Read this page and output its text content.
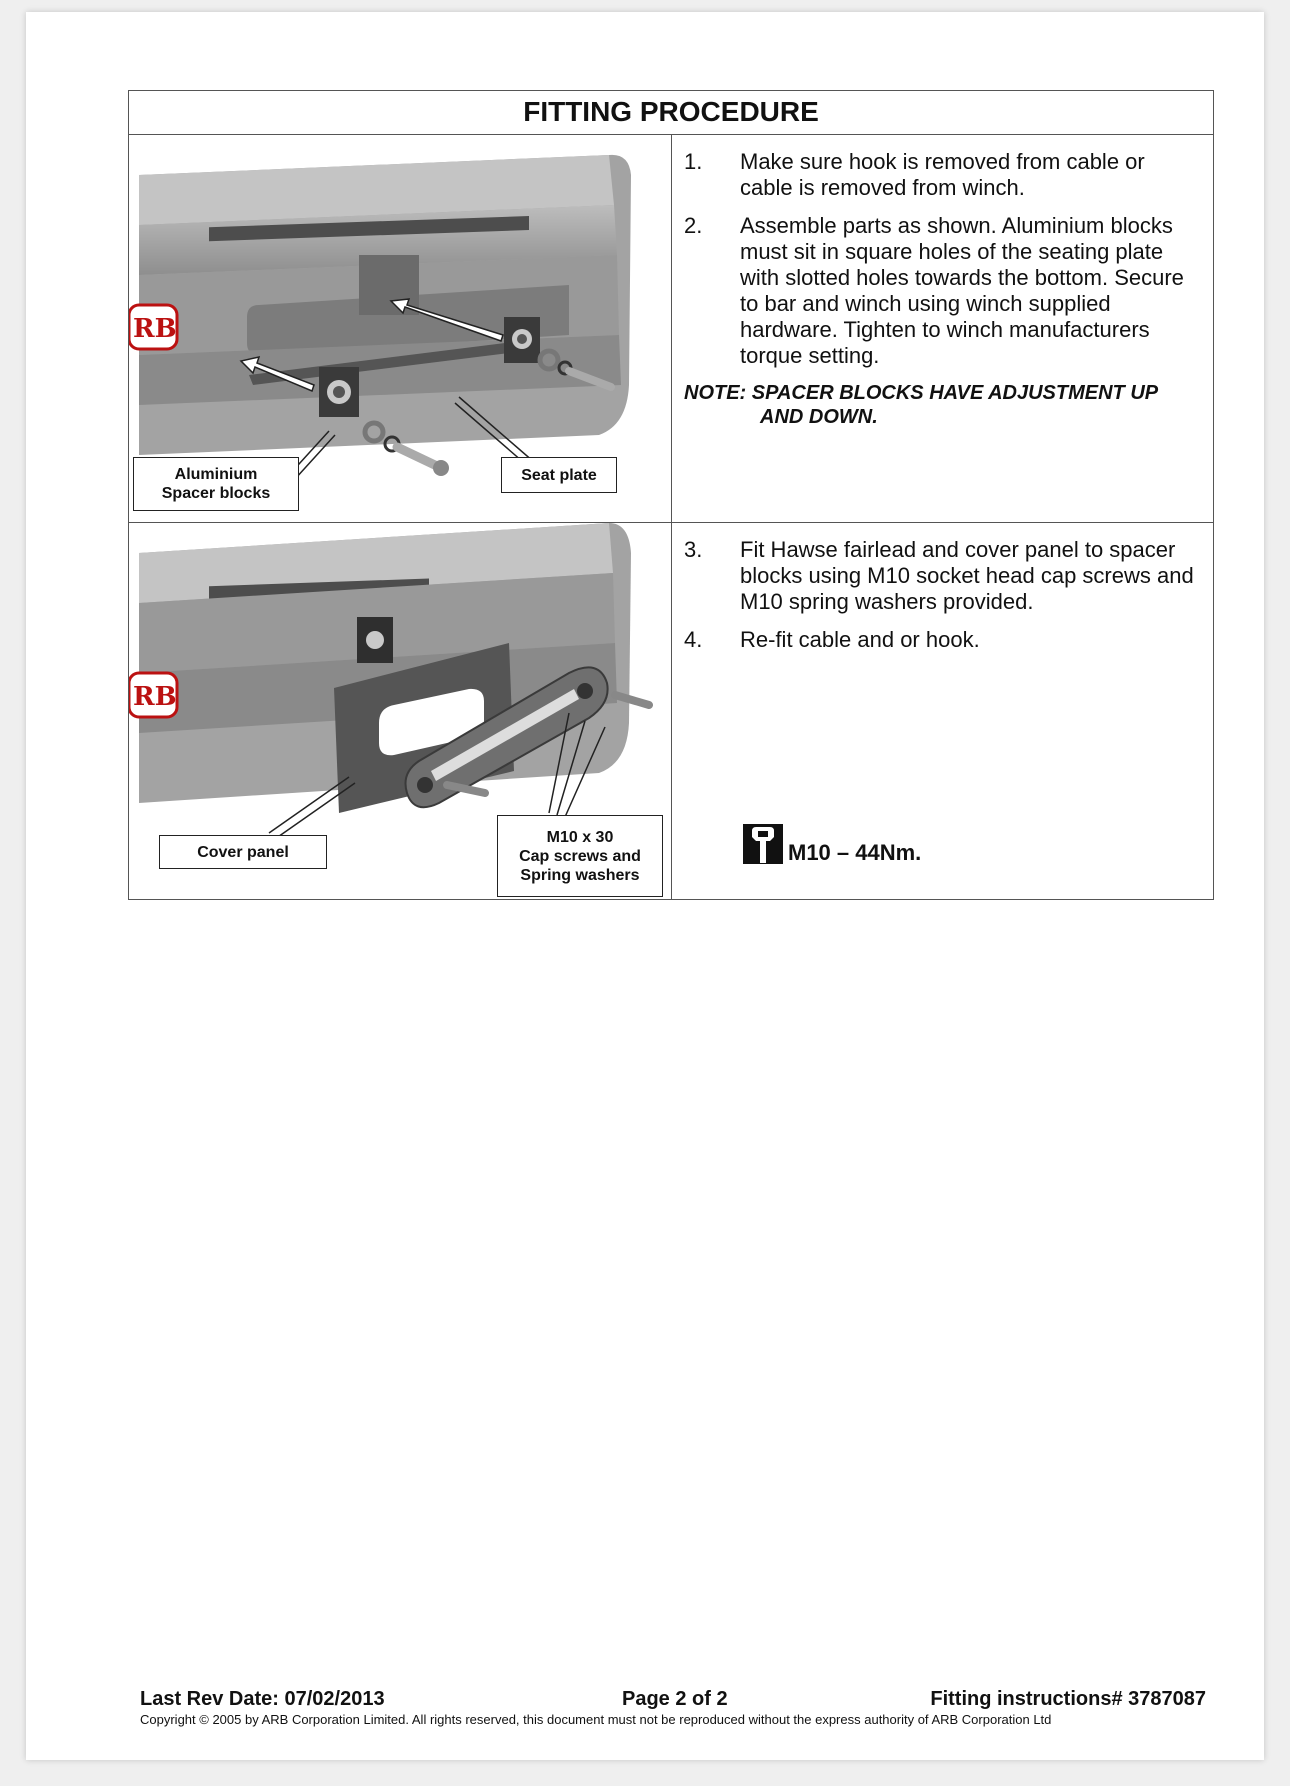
FITTING PROCEDURE
RB
Aluminium
Spacer blocks
Seat plate
1. Make sure hook is removed from cable or cable is removed from winch.
2. Assemble parts as shown. Aluminium blocks must sit in square holes of the seating plate with slotted holes towards the bottom. Secure to bar and winch using winch supplied hardware. Tighten to winch manufacturers torque setting.
NOTE: SPACER BLOCKS HAVE ADJUSTMENT UP
AND DOWN.
RB
Cover panel
M10 x 30
Cap screws and
Spring washers
3. Fit Hawse fairlead and cover panel to spacer blocks using M10 socket head cap screws and M10 spring washers provided.
4. Re-fit cable and or hook.
M10 – 44Nm.
Last Rev Date: 07/02/2013	Page 2 of 2	Fitting instructions# 3787087
Copyright © 2005 by ARB Corporation Limited. All rights reserved, this document must not be reproduced without the express authority of ARB Corporation Ltd
